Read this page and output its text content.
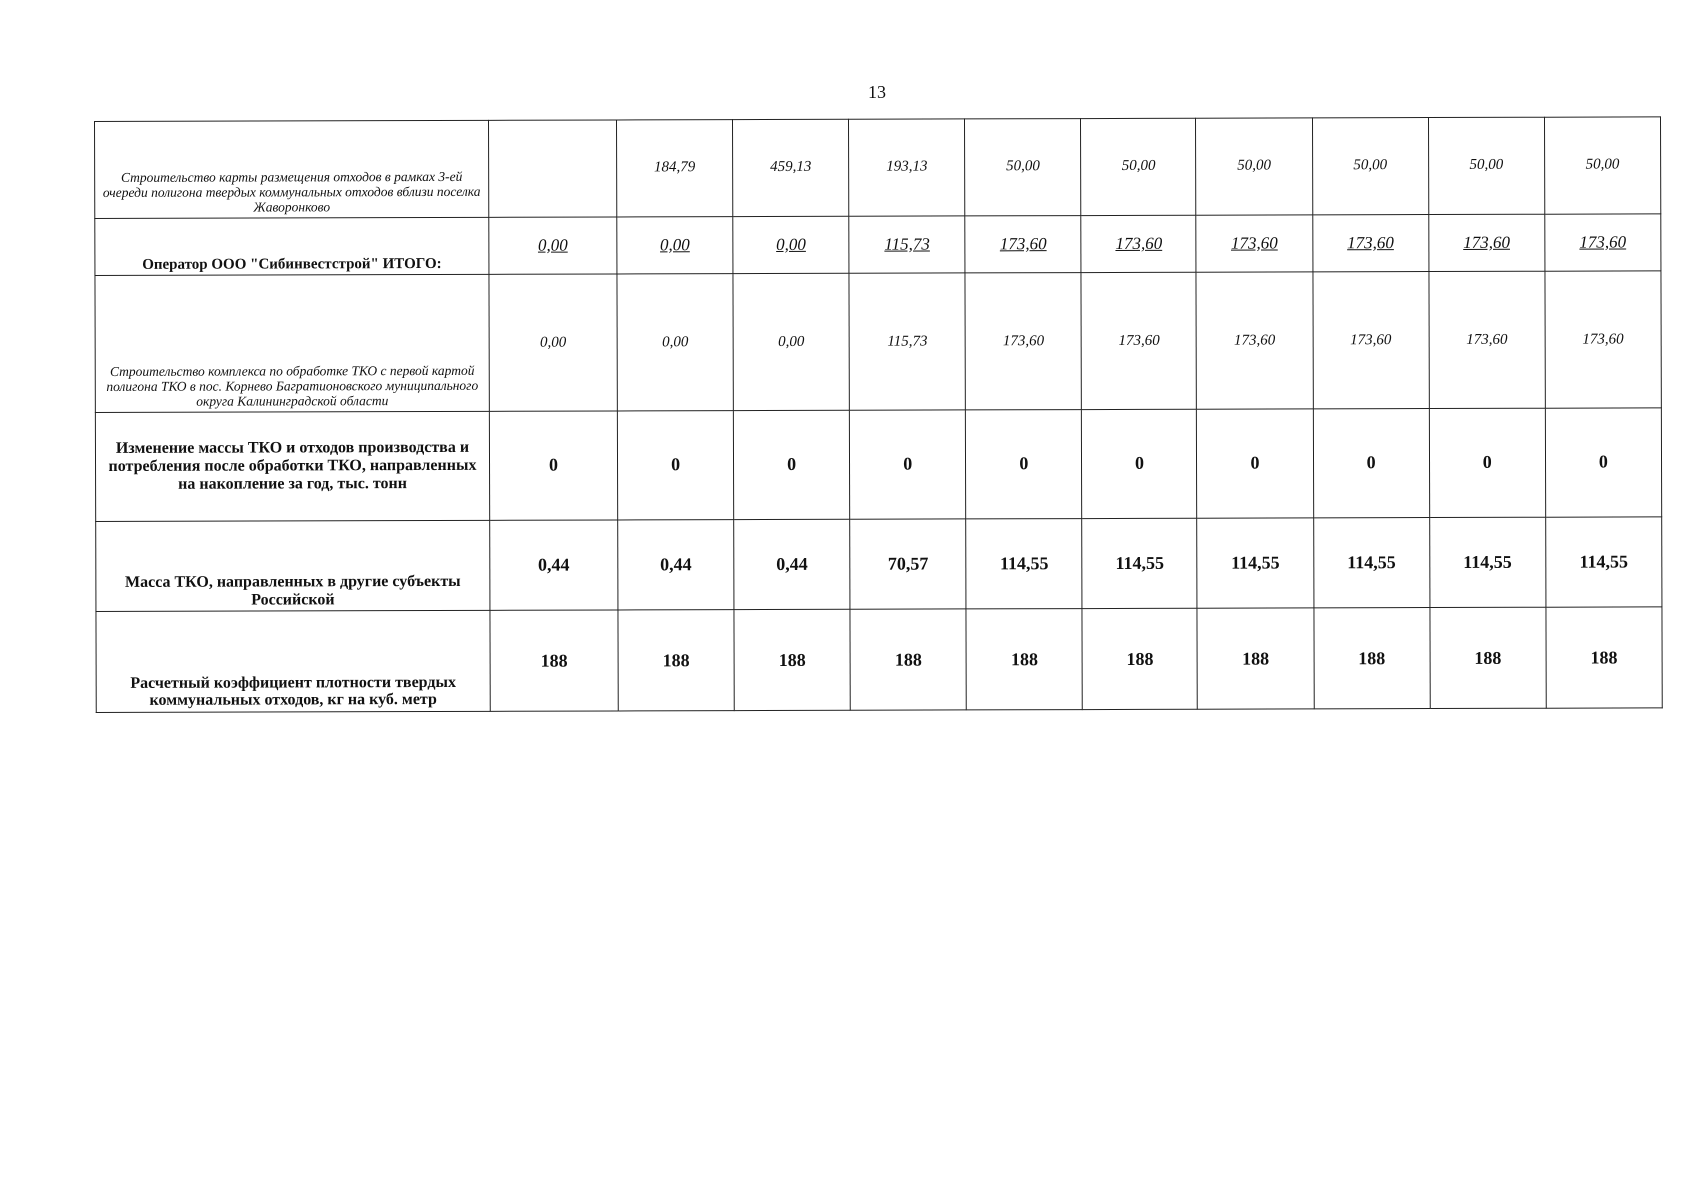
13
Строительство карты размещения отходов в рамках 3-ей очереди полигона твердых коммунальных отходов вблизи поселка Жаворонково		184,79	459,13	193,13	50,00	50,00	50,00	50,00	50,00	50,00
Оператор ООО "Сибинвестстрой" ИТОГО:	0,00	0,00	0,00	115,73	173,60	173,60	173,60	173,60	173,60	173,60
Строительство комплекса по обработке ТКО с первой картой полигона ТКО в пос. Корнево Багратионовского муниципального округа Калининградской области	0,00	0,00	0,00	115,73	173,60	173,60	173,60	173,60	173,60	173,60
Изменение массы ТКО и отходов производства и потребления после обработки ТКО, направленных на накопление за год, тыс. тонн	0	0	0	0	0	0	0	0	0	0
Масса ТКО, направленных в другие субъекты Российской	0,44	0,44	0,44	70,57	114,55	114,55	114,55	114,55	114,55	114,55
Расчетный коэффициент плотности твердых коммунальных отходов, кг на куб. метр	188	188	188	188	188	188	188	188	188	188
